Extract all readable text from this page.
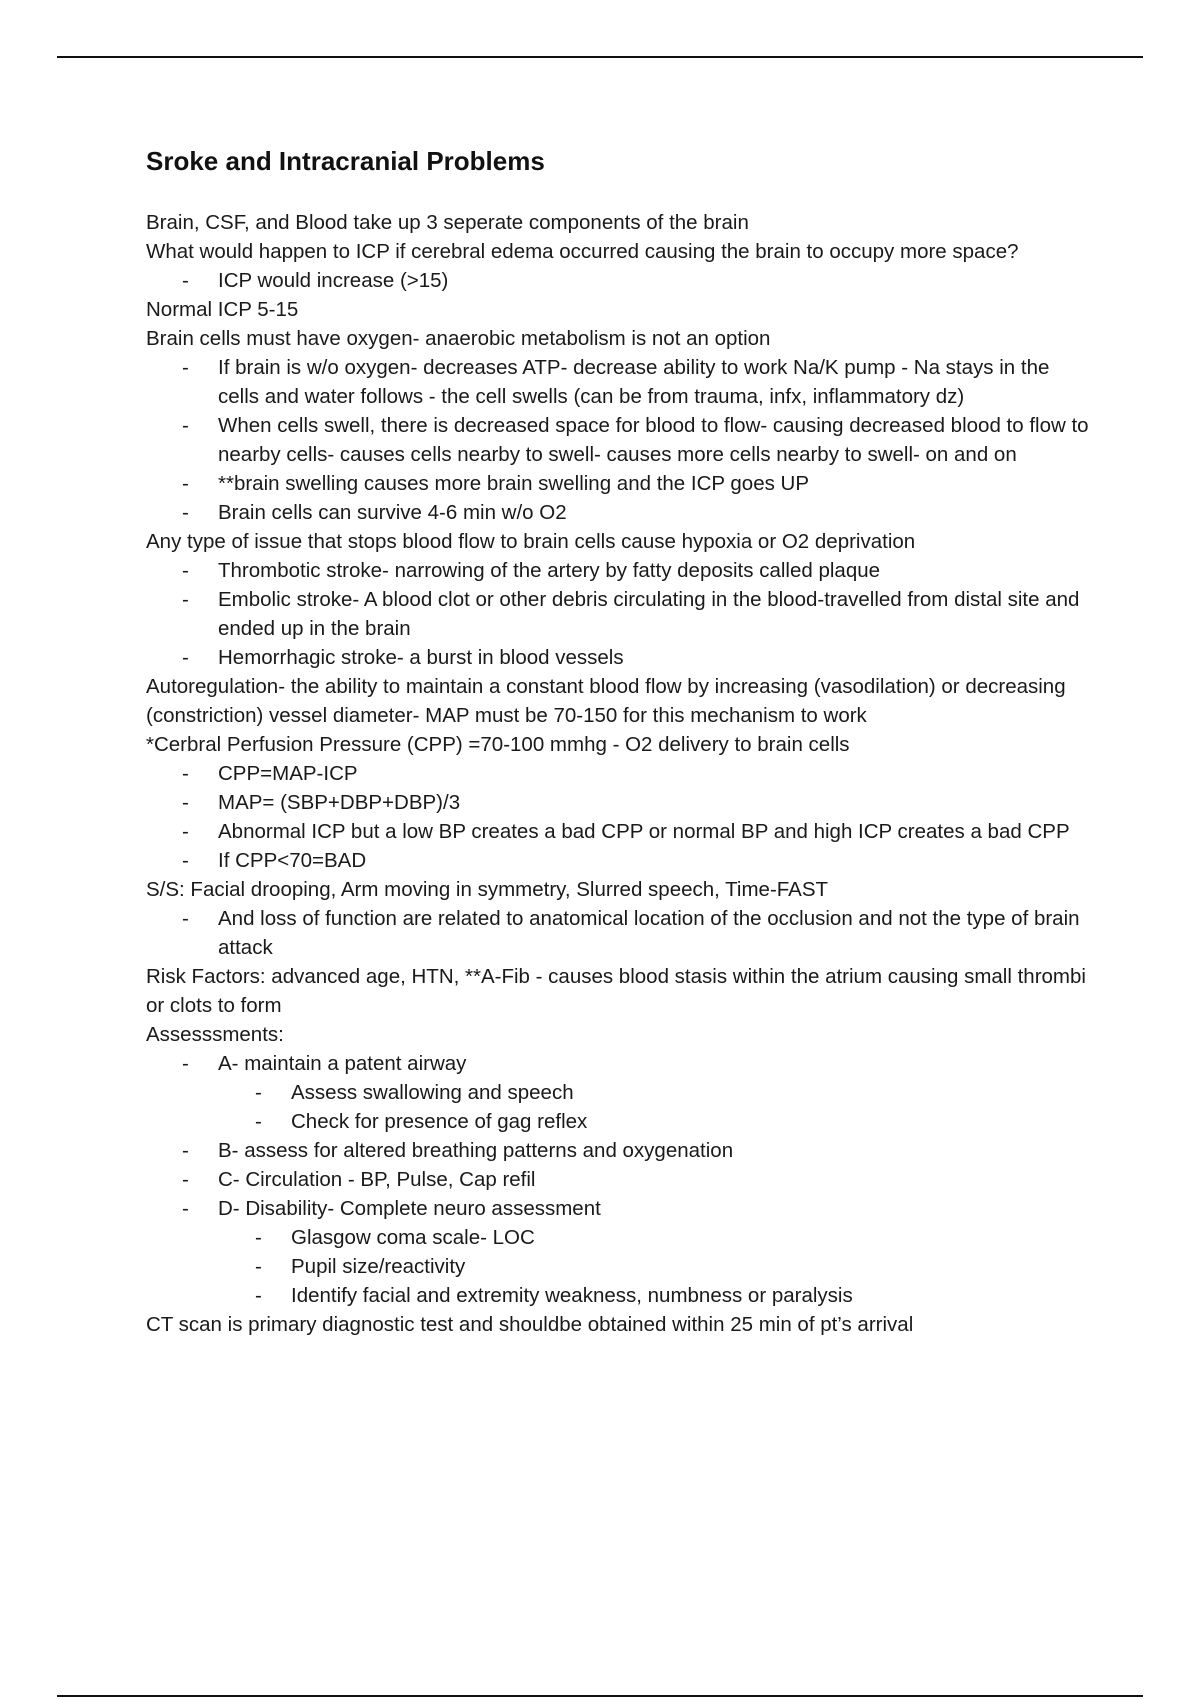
Sroke and Intracranial Problems
Brain, CSF, and Blood take up 3 seperate components of the brain
What would happen to ICP if cerebral edema occurred causing the brain to occupy more space?
- ICP would increase (>15)
Normal ICP 5-15
Brain cells must have oxygen- anaerobic metabolism is not an option
- If brain is w/o oxygen- decreases ATP- decrease ability to work Na/K pump - Na stays in the cells and water follows - the cell swells (can be from trauma, infx, inflammatory dz)
- When cells swell, there is decreased space for blood to flow- causing decreased blood to flow to nearby cells- causes cells nearby to swell- causes more cells nearby to swell- on and on
- **brain swelling causes more brain swelling and the ICP goes UP
- Brain cells can survive 4-6 min w/o O2
Any type of issue that stops blood flow to brain cells cause hypoxia or O2 deprivation
- Thrombotic stroke- narrowing of the artery by fatty deposits called plaque
- Embolic stroke- A blood clot or other debris circulating in the blood-travelled from distal site and ended up in the brain
- Hemorrhagic stroke- a burst in blood vessels
Autoregulation- the ability to maintain a constant blood flow by increasing (vasodilation) or decreasing (constriction) vessel diameter- MAP must be 70-150 for this mechanism to work
*Cerbral Perfusion Pressure (CPP) =70-100 mmhg - O2 delivery to brain cells
- CPP=MAP-ICP
- MAP= (SBP+DBP+DBP)/3
- Abnormal ICP but a low BP creates a bad CPP or normal BP and high ICP creates a bad CPP
- If CPP<70=BAD
S/S: Facial drooping, Arm moving in symmetry, Slurred speech, Time-FAST
- And loss of function are related to anatomical location of the occlusion and not the type of brain attack
Risk Factors: advanced age, HTN, **A-Fib - causes blood stasis within the atrium causing small thrombi or clots to form
Assesssments:
- A- maintain a patent airway
- Assess swallowing and speech
- Check for presence of gag reflex
- B- assess for altered breathing patterns and oxygenation
- C- Circulation - BP, Pulse, Cap refil
- D- Disability- Complete neuro assessment
- Glasgow coma scale- LOC
- Pupil size/reactivity
- Identify facial and extremity weakness, numbness or paralysis
CT scan is primary diagnostic test and shouldbe obtained within 25 min of pt’s arrival
